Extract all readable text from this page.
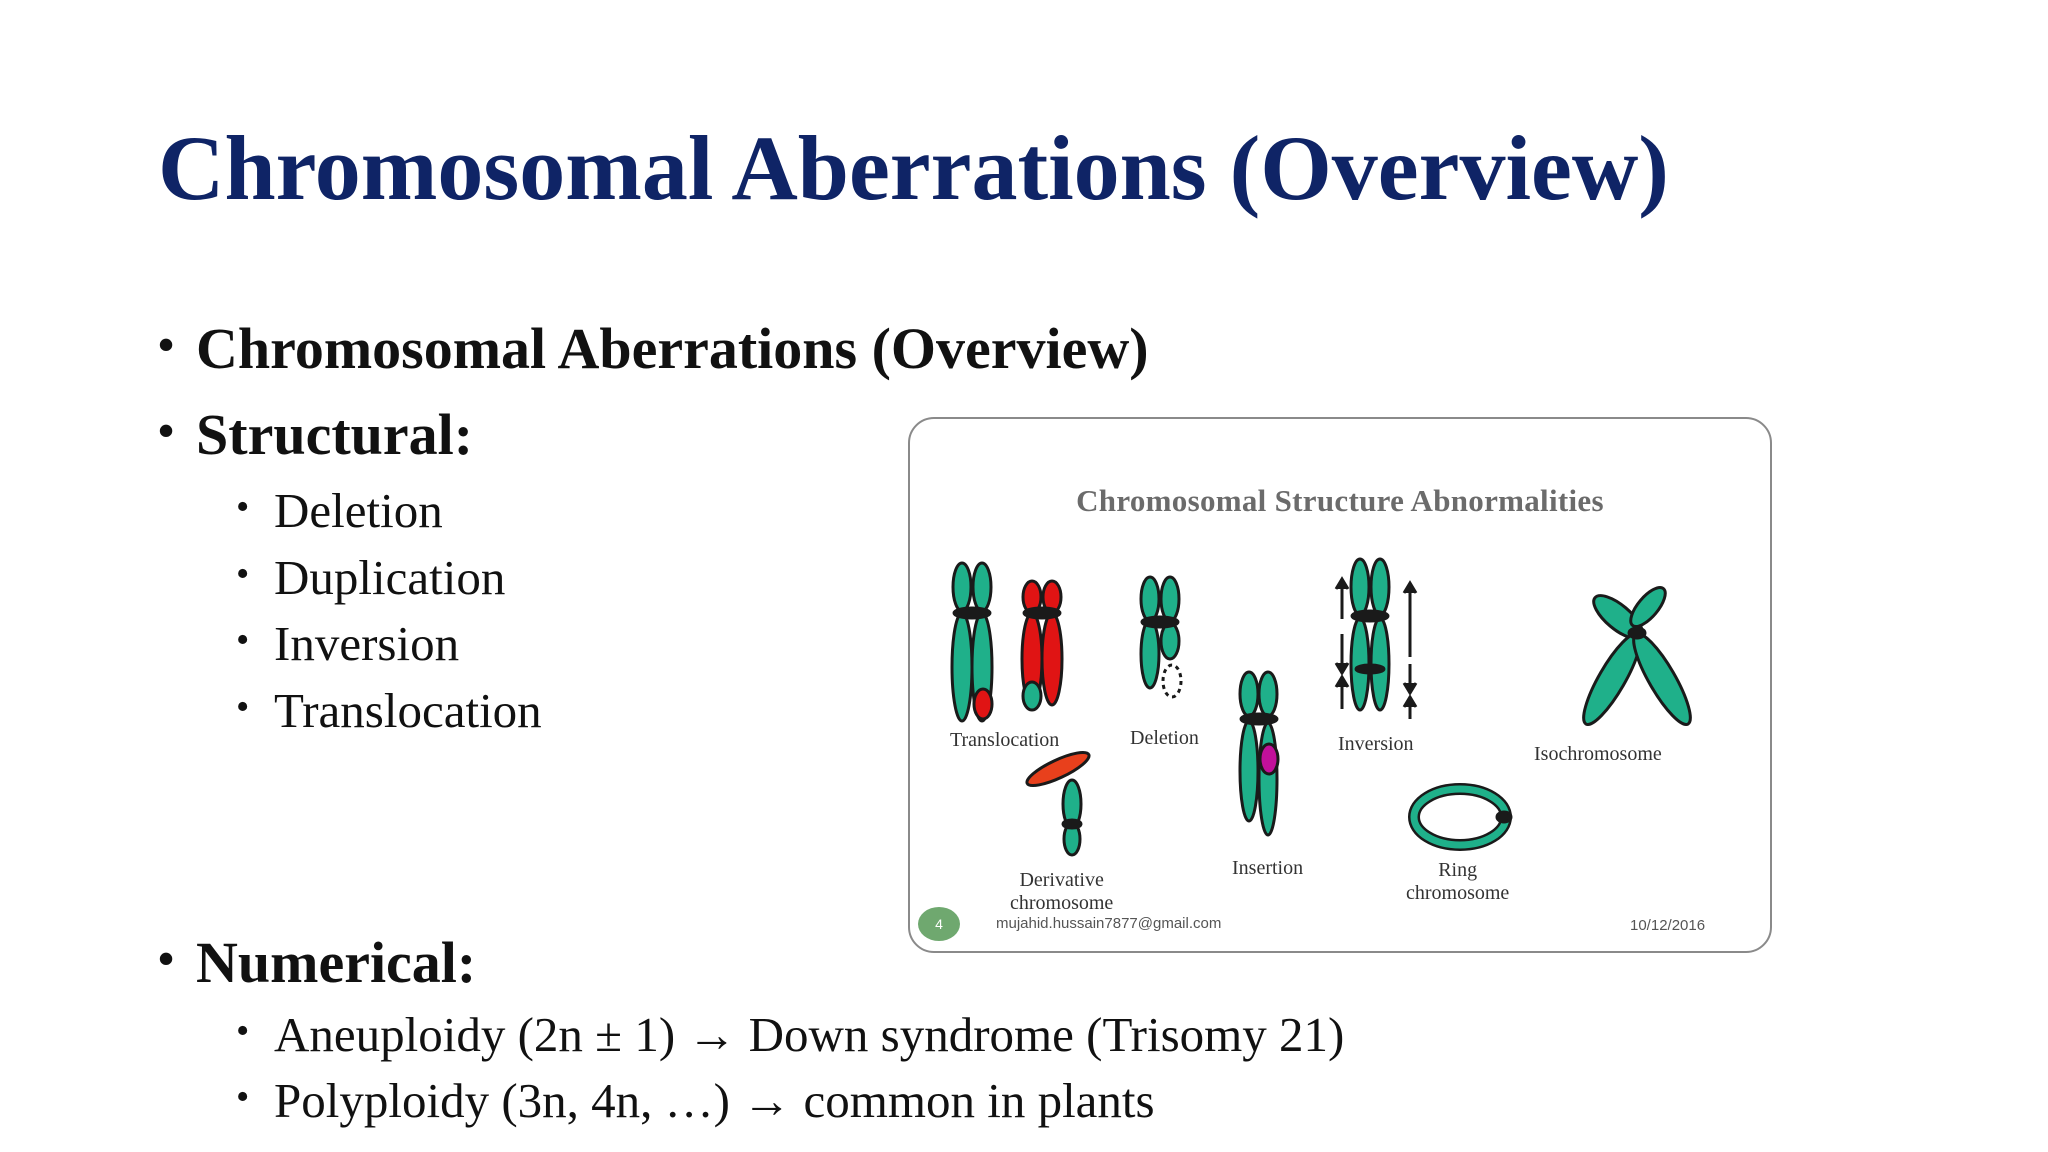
Chromosomal Aberrations (Overview)
• Chromosomal Aberrations (Overview)
• Structural:
• Deletion
• Duplication
• Inversion
• Translocation
• Numerical:
• Aneuploidy (2n ± 1) → Down syndrome (Trisomy 21)
• Polyploidy (3n, 4n, …) → common in plants
Chromosomal Structure Abnormalities
Translocation	Deletion	Inversion	Isochromosome
Derivative
chromosome
Insertion	Ring
chromosome
4	mujahid.hussain7877@gmail.com	10/12/2016
